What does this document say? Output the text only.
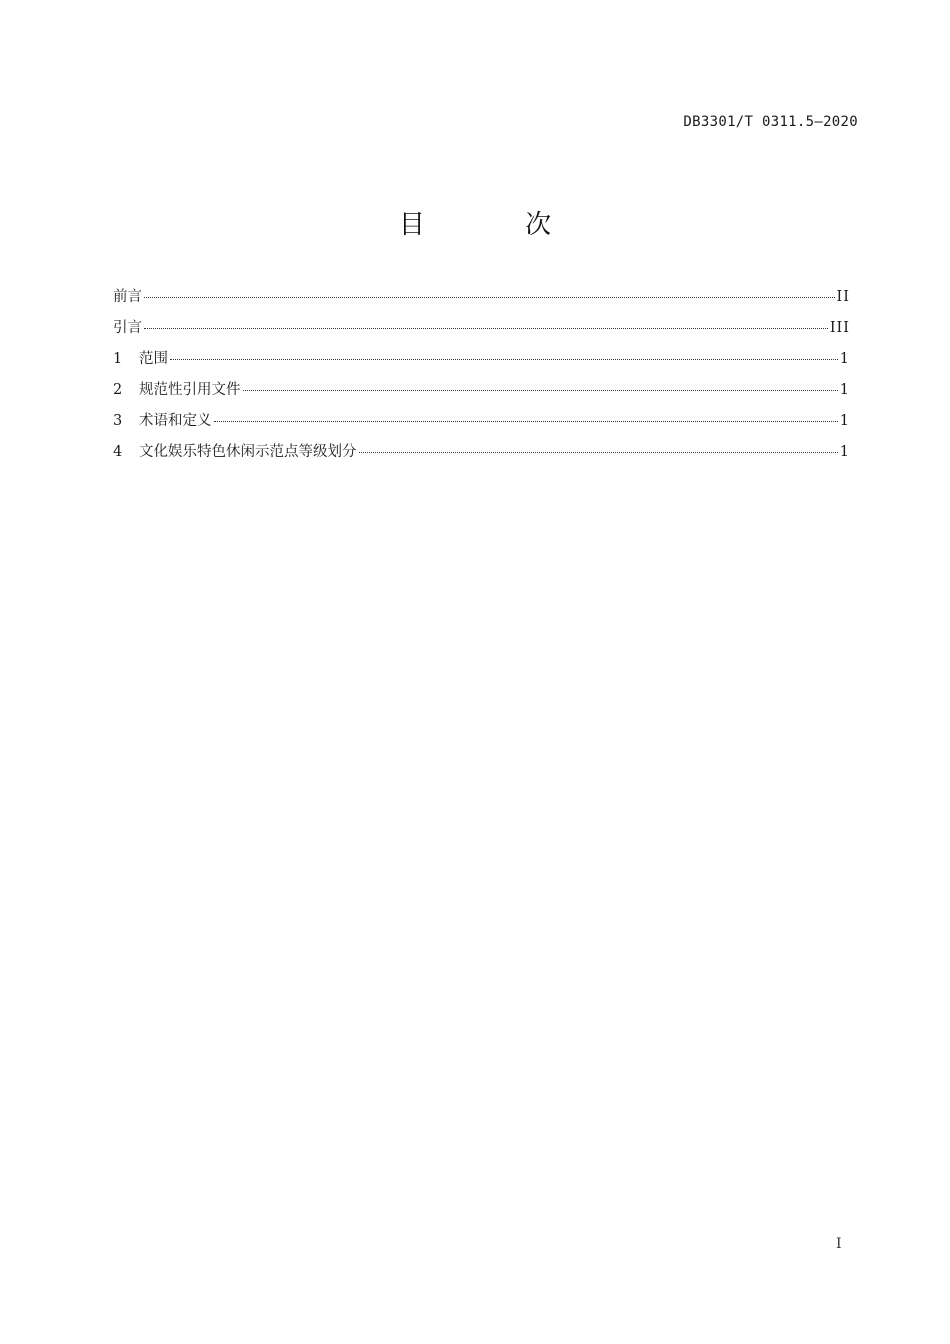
DB3301/T 0311.5—2020
目 次
前言	II
引言	III
1	范围	1
2	规范性引用文件	1
3	术语和定义	1
4	文化娱乐特色休闲示范点等级划分	1
I
